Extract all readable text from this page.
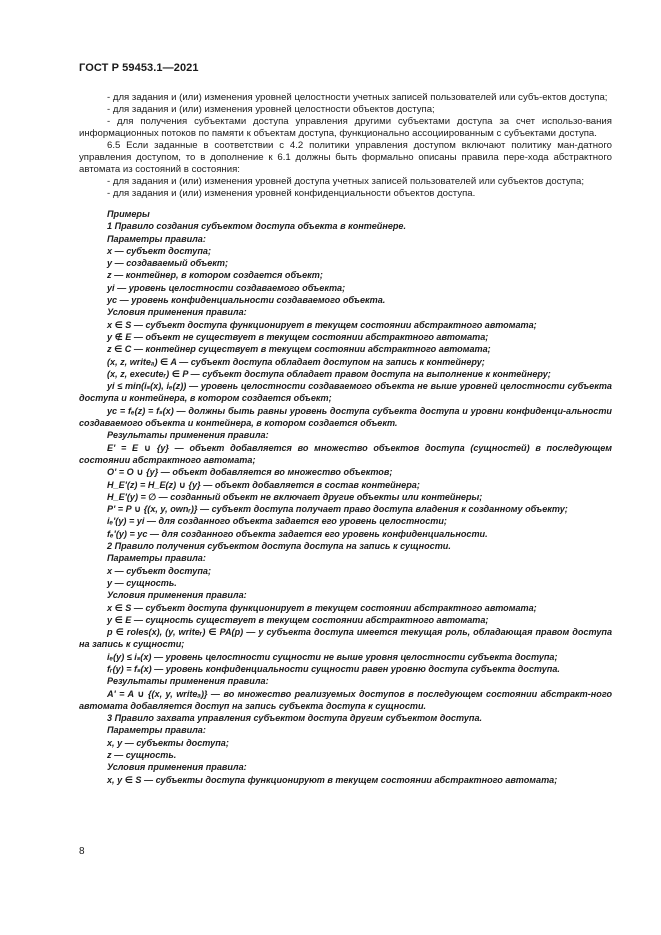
ГОСТ Р 59453.1—2021

- для задания и (или) изменения уровней целостности учетных записей пользователей или субъ-ектов доступа;

- для задания и (или) изменения уровней целостности объектов доступа;

- для получения субъектами доступа управления другими субъектами доступа за счет использо-вания информационных потоков по памяти к объектам доступа, функционально ассоциированным с субъектами доступа.

6.5 Если заданные в соответствии с 4.2 политики управления доступом включают политику ман-датного управления доступом, то в дополнение к 6.1 должны быть формально описаны правила пере-хода абстрактного автомата из состояний в состояния:

- для задания и (или) изменения уровней доступа учетных записей пользователей или субъектов доступа;

- для задания и (или) изменения уровней конфиденциальности объектов доступа.

Примеры

1 Правило создания субъектом доступа объекта в контейнере.

Параметры правила:

x — субъект доступа;

y — создаваемый объект;

z — контейнер, в котором создается объект;

yi — уровень целостности создаваемого объекта;

yc — уровень конфиденциальности создаваемого объекта.

Условия применения правила:

x ∈ S — субъект доступа функционирует в текущем состоянии абстрактного автомата;

y ∉ E — объект не существует в текущем состоянии абстрактного автомата;

z ∈ C — контейнер существует в текущем состоянии абстрактного автомата;

(x, z, writeₐ) ∈ A — субъект доступа обладает доступом на запись к контейнеру;

(x, z, executeᵣ) ∈ P — субъект доступа обладает правом доступа на выполнение к контейнеру;

yi ≤ min(iₛ(x), iₑ(z)) — уровень целостности создаваемого объекта не выше уровней целостности субъекта доступа и контейнера, в котором создается объект;

yc = fₑ(z) = fₛ(x) — должны быть равны уровень доступа субъекта доступа и уровни конфиденци-альности создаваемого объекта и контейнера, в котором создается объект.

Результаты применения правила:

E' = E ∪ {y} — объект добавляется во множество объектов доступа (сущностей) в последующем состоянии абстрактного автомата;

O' = O ∪ {y} — объект добавляется во множество объектов;

H_E'(z) = H_E(z) ∪ {y} — объект добавляется в состав контейнера;

H_E'(y) = ∅ — созданный объект не включает другие объекты или контейнеры;

P' = P ∪ {(x, y, ownᵣ)} — субъект доступа получает право доступа владения к созданному объекту;

iₑ'(y) = yi — для созданного объекта задается его уровень целостности;

fₑ'(y) = yc — для созданного объекта задается его уровень конфиденциальности.

2 Правило получения субъектом доступа доступа на запись к сущности.

Параметры правила:

x — субъект доступа;

y — сущность.

Условия применения правила:

x ∈ S — субъект доступа функционирует в текущем состоянии абстрактного автомата;

y ∈ E — сущность существует в текущем состоянии абстрактного автомата;

p ∈ roles(x), (y, writeᵣ) ∈ PA(p) — у субъекта доступа имеется текущая роль, обладающая правом доступа на запись к сущности;

iₑ(y) ≤ iₛ(x) — уровень целостности сущности не выше уровня целостности субъекта доступа;

fᵣ(y) = fₛ(x) — уровень конфиденциальности сущности равен уровню доступа субъекта доступа.

Результаты применения правила:

A' = A ∪ {(x, y, writeₐ)} — во множество реализуемых доступов в последующем состоянии абстракт-ного автомата добавляется доступ на запись субъекта доступа к сущности.

3 Правило захвата управления субъектом доступа другим субъектом доступа.

Параметры правила:

x, y — субъекты доступа;

z — сущность.

Условия применения правила:

x, y ∈ S — субъекты доступа функционируют в текущем состоянии абстрактного автомата;

8
